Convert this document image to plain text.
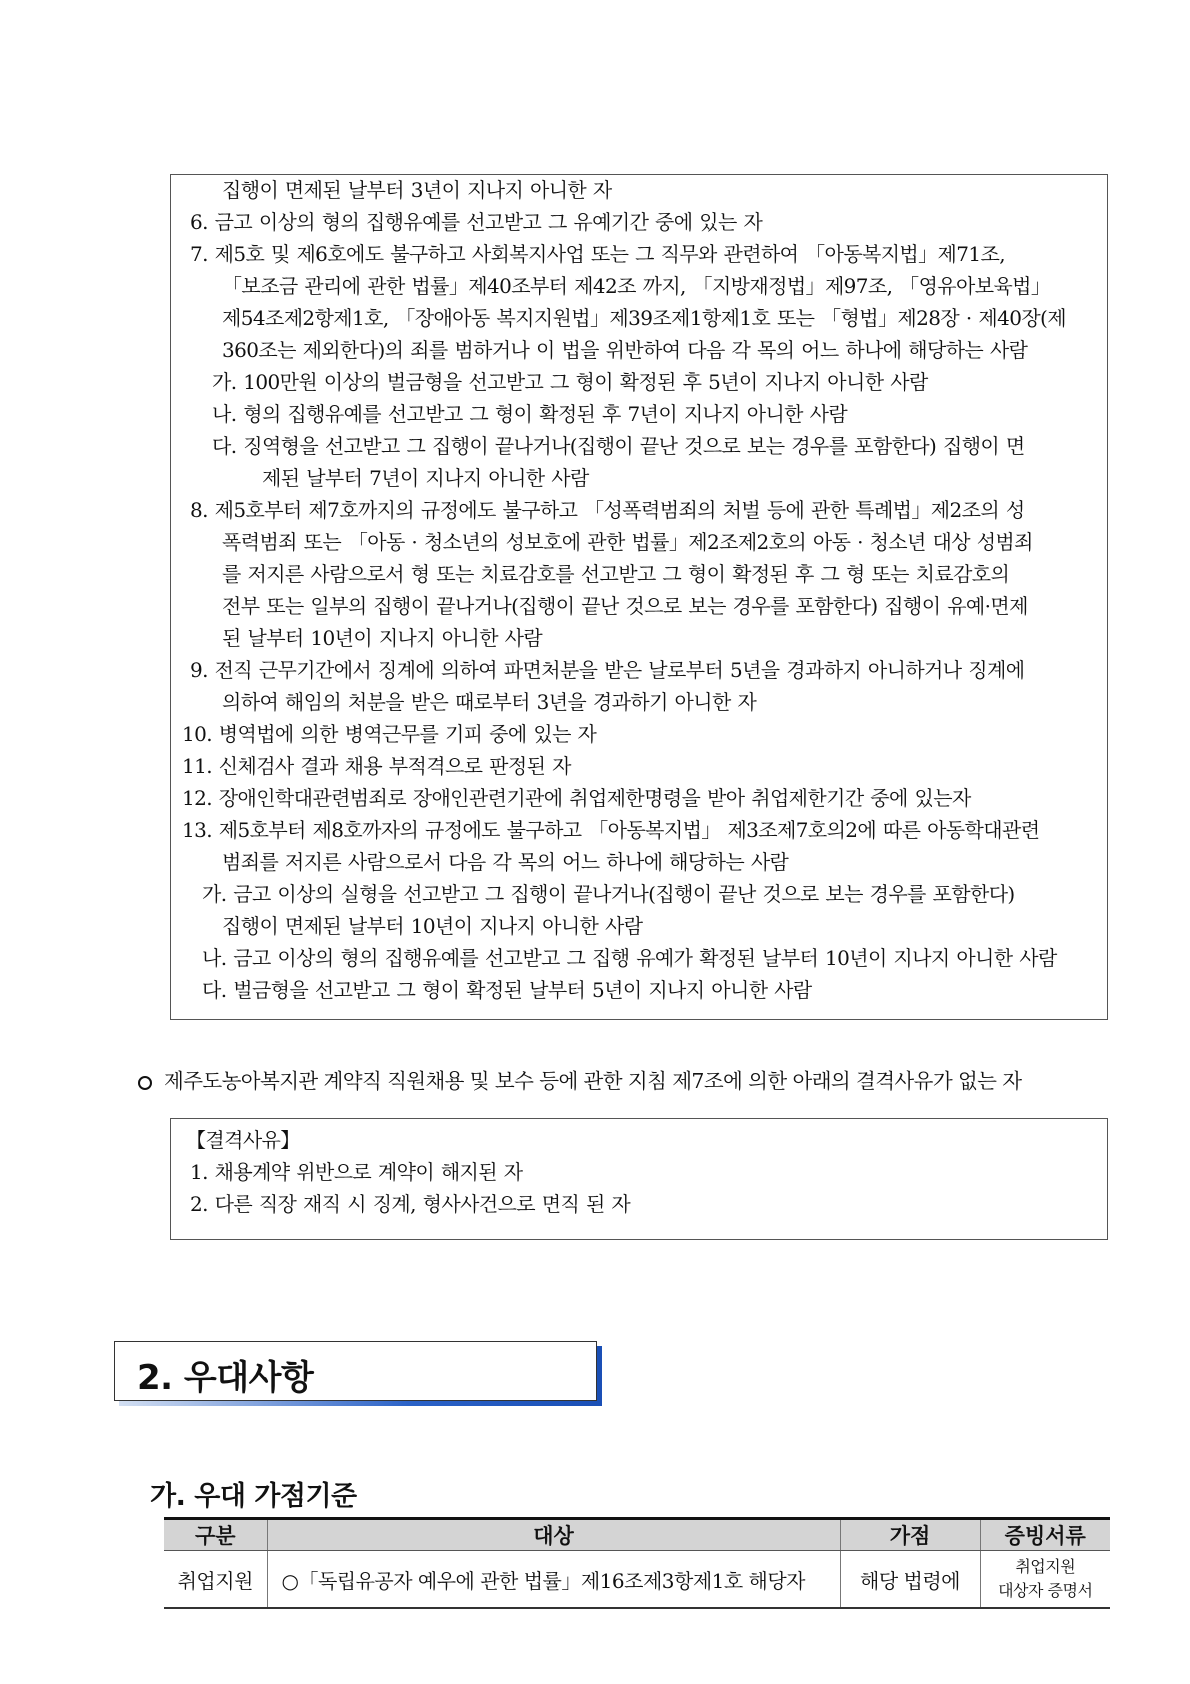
집행이 면제된 날부터 3년이 지나지 아니한 자
6. 금고 이상의 형의 집행유예를 선고받고 그 유예기간 중에 있는 자
7. 제5호 및 제6호에도 불구하고 사회복지사업 또는 그 직무와 관련하여 「아동복지법」제71조,
「보조금 관리에 관한 법률」제40조부터 제42조 까지, 「지방재정법」제97조, 「영유아보육법」
제54조제2항제1호, 「장애아동 복지지원법」제39조제1항제1호 또는 「형법」제28장 · 제40장(제
360조는 제외한다)의 죄를 범하거나 이 법을 위반하여 다음 각 목의 어느 하나에 해당하는 사람
가. 100만원 이상의 벌금형을 선고받고 그 형이 확정된 후 5년이 지나지 아니한 사람
나. 형의 집행유예를 선고받고 그 형이 확정된 후 7년이 지나지 아니한 사람
다. 징역형을 선고받고 그 집행이 끝나거나(집행이 끝난 것으로 보는 경우를 포함한다) 집행이 면
제된 날부터 7년이 지나지 아니한 사람
8. 제5호부터 제7호까지의 규정에도 불구하고 「성폭력범죄의 처벌 등에 관한 특례법」제2조의 성
폭력범죄 또는 「아동 · 청소년의 성보호에 관한 법률」제2조제2호의 아동 · 청소년 대상 성범죄
를 저지른 사람으로서 형 또는 치료감호를 선고받고 그 형이 확정된 후 그 형 또는 치료감호의
전부 또는 일부의 집행이 끝나거나(집행이 끝난 것으로 보는 경우를 포함한다) 집행이 유예·면제
된 날부터 10년이 지나지 아니한 사람
9. 전직 근무기간에서 징계에 의하여 파면처분을 받은 날로부터 5년을 경과하지 아니하거나 징계에
의하여 해임의 처분을 받은 때로부터 3년을 경과하기 아니한 자
10. 병역법에 의한 병역근무를 기피 중에 있는 자
11. 신체검사 결과 채용 부적격으로 판정된 자
12. 장애인학대관련범죄로 장애인관련기관에 취업제한명령을 받아 취업제한기간 중에 있는자
13. 제5호부터 제8호까자의 규정에도 불구하고 「아동복지법」 제3조제7호의2에 따른 아동학대관련
범죄를 저지른 사람으로서 다음 각 목의 어느 하나에 해당하는 사람
가. 금고 이상의 실형을 선고받고 그 집행이 끝나거나(집행이 끝난 것으로 보는 경우를 포함한다)
집행이 면제된 날부터 10년이 지나지 아니한 사람
나. 금고 이상의 형의 집행유예를 선고받고 그 집행 유예가 확정된 날부터 10년이 지나지 아니한 사람
다. 벌금형을 선고받고 그 형이 확정된 날부터 5년이 지나지 아니한 사람
제주도농아복지관 계약직 직원채용 및 보수 등에 관한 지침 제7조에 의한 아래의 결격사유가 없는 자
【결격사유】
1. 채용계약 위반으로 계약이 해지된 자
2. 다른 직장 재직 시 징계, 형사사건으로 면직 된 자
2. 우대사항
가. 우대 가점기준
구분	대상	가점	증빙서류
취업지원	○「독립유공자 예우에 관한 법률」제16조제3항제1호 해당자	해당 법령에	취업지원
대상자 증명서
